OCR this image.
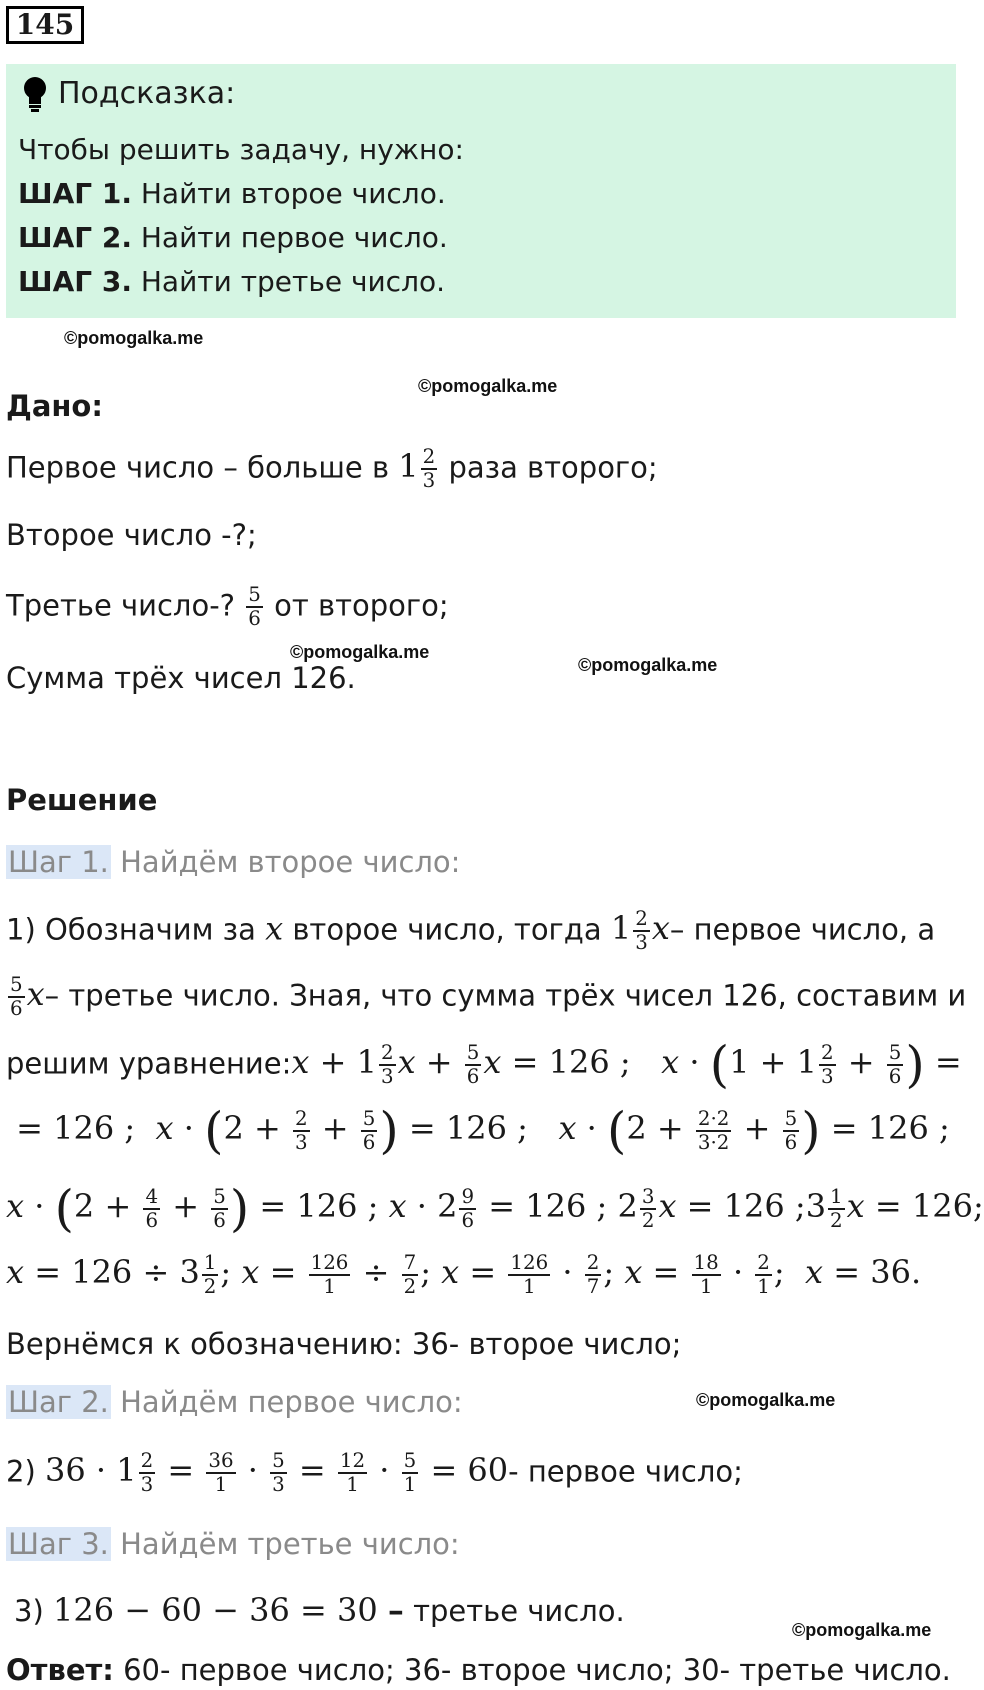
145
Подсказка:
Чтобы решить задачу, нужно:
ШАГ 1. Найти второе число.
ШАГ 2. Найти первое число.
ШАГ 3. Найти третье число.
©pomogalka.me
©pomogalka.me
©pomogalka.me
©pomogalka.me
©pomogalka.me
©pomogalka.me
Дано:
Первое число – больше в $1 \frac{2}{3}$ раза второго;
Второе число -?;
Третье число-? $\frac{5}{6}$ от второго;
Сумма трёх чисел 126.
Решение
Шаг 1. Найдём второе число:
1) Обозначим за x второе число, тогда $1 \frac{2}{3} x-$ первое число, а
$\frac{5}{6} x-$ третье число. Зная, что сумма трёх чисел 126, составим и
решим уравнение:x + $1 \frac{2}{3}$ $x + \frac{5}{6}$ x = 126 ;   $x \cdot (1 + 1 \frac{2}{3} + \frac{5}{6}$ ) =
= 126 ;  $x \cdot (2 + \frac{2}{3} + \frac{5}{6}$ ) = 126 ;   $x \cdot (2 + \frac{2\cdot 2}{3\cdot 2} + \frac{5}{6}$ ) = 126 ;
$x \cdot (2 + \frac{4}{6} + \frac{5}{6}$ ) = 126 ; $x \cdot 2 \frac{9}{6} = 126$ ; $2 \frac{3}{2}$ x = 126 ;3 $\frac{1}{2}$ x = 126;
$x = 126 \div 3 \frac{1}{2}$ ; $x = \frac{126}{1} \div \frac{7}{2}$ ; $x = \frac{126}{1} \cdot \frac{2}{7}$ ; $x = \frac{18}{1} \cdot \frac{2}{1}$ ;  x = 36.
Вернёмся к обозначению: 36- второе число;
Шаг 2. Найдём первое число:
2) $36 \cdot 1 \frac{2}{3} = \frac{36}{1} \cdot \frac{5}{3} = \frac{12}{1} \cdot \frac{5}{1} = 60-$ первое число;
Шаг 3. Найдём третье число:
3) 126 − 60 − 36 = 30 – третье число.
Ответ: 60- первое число; 36- второе число; 30- третье число.
